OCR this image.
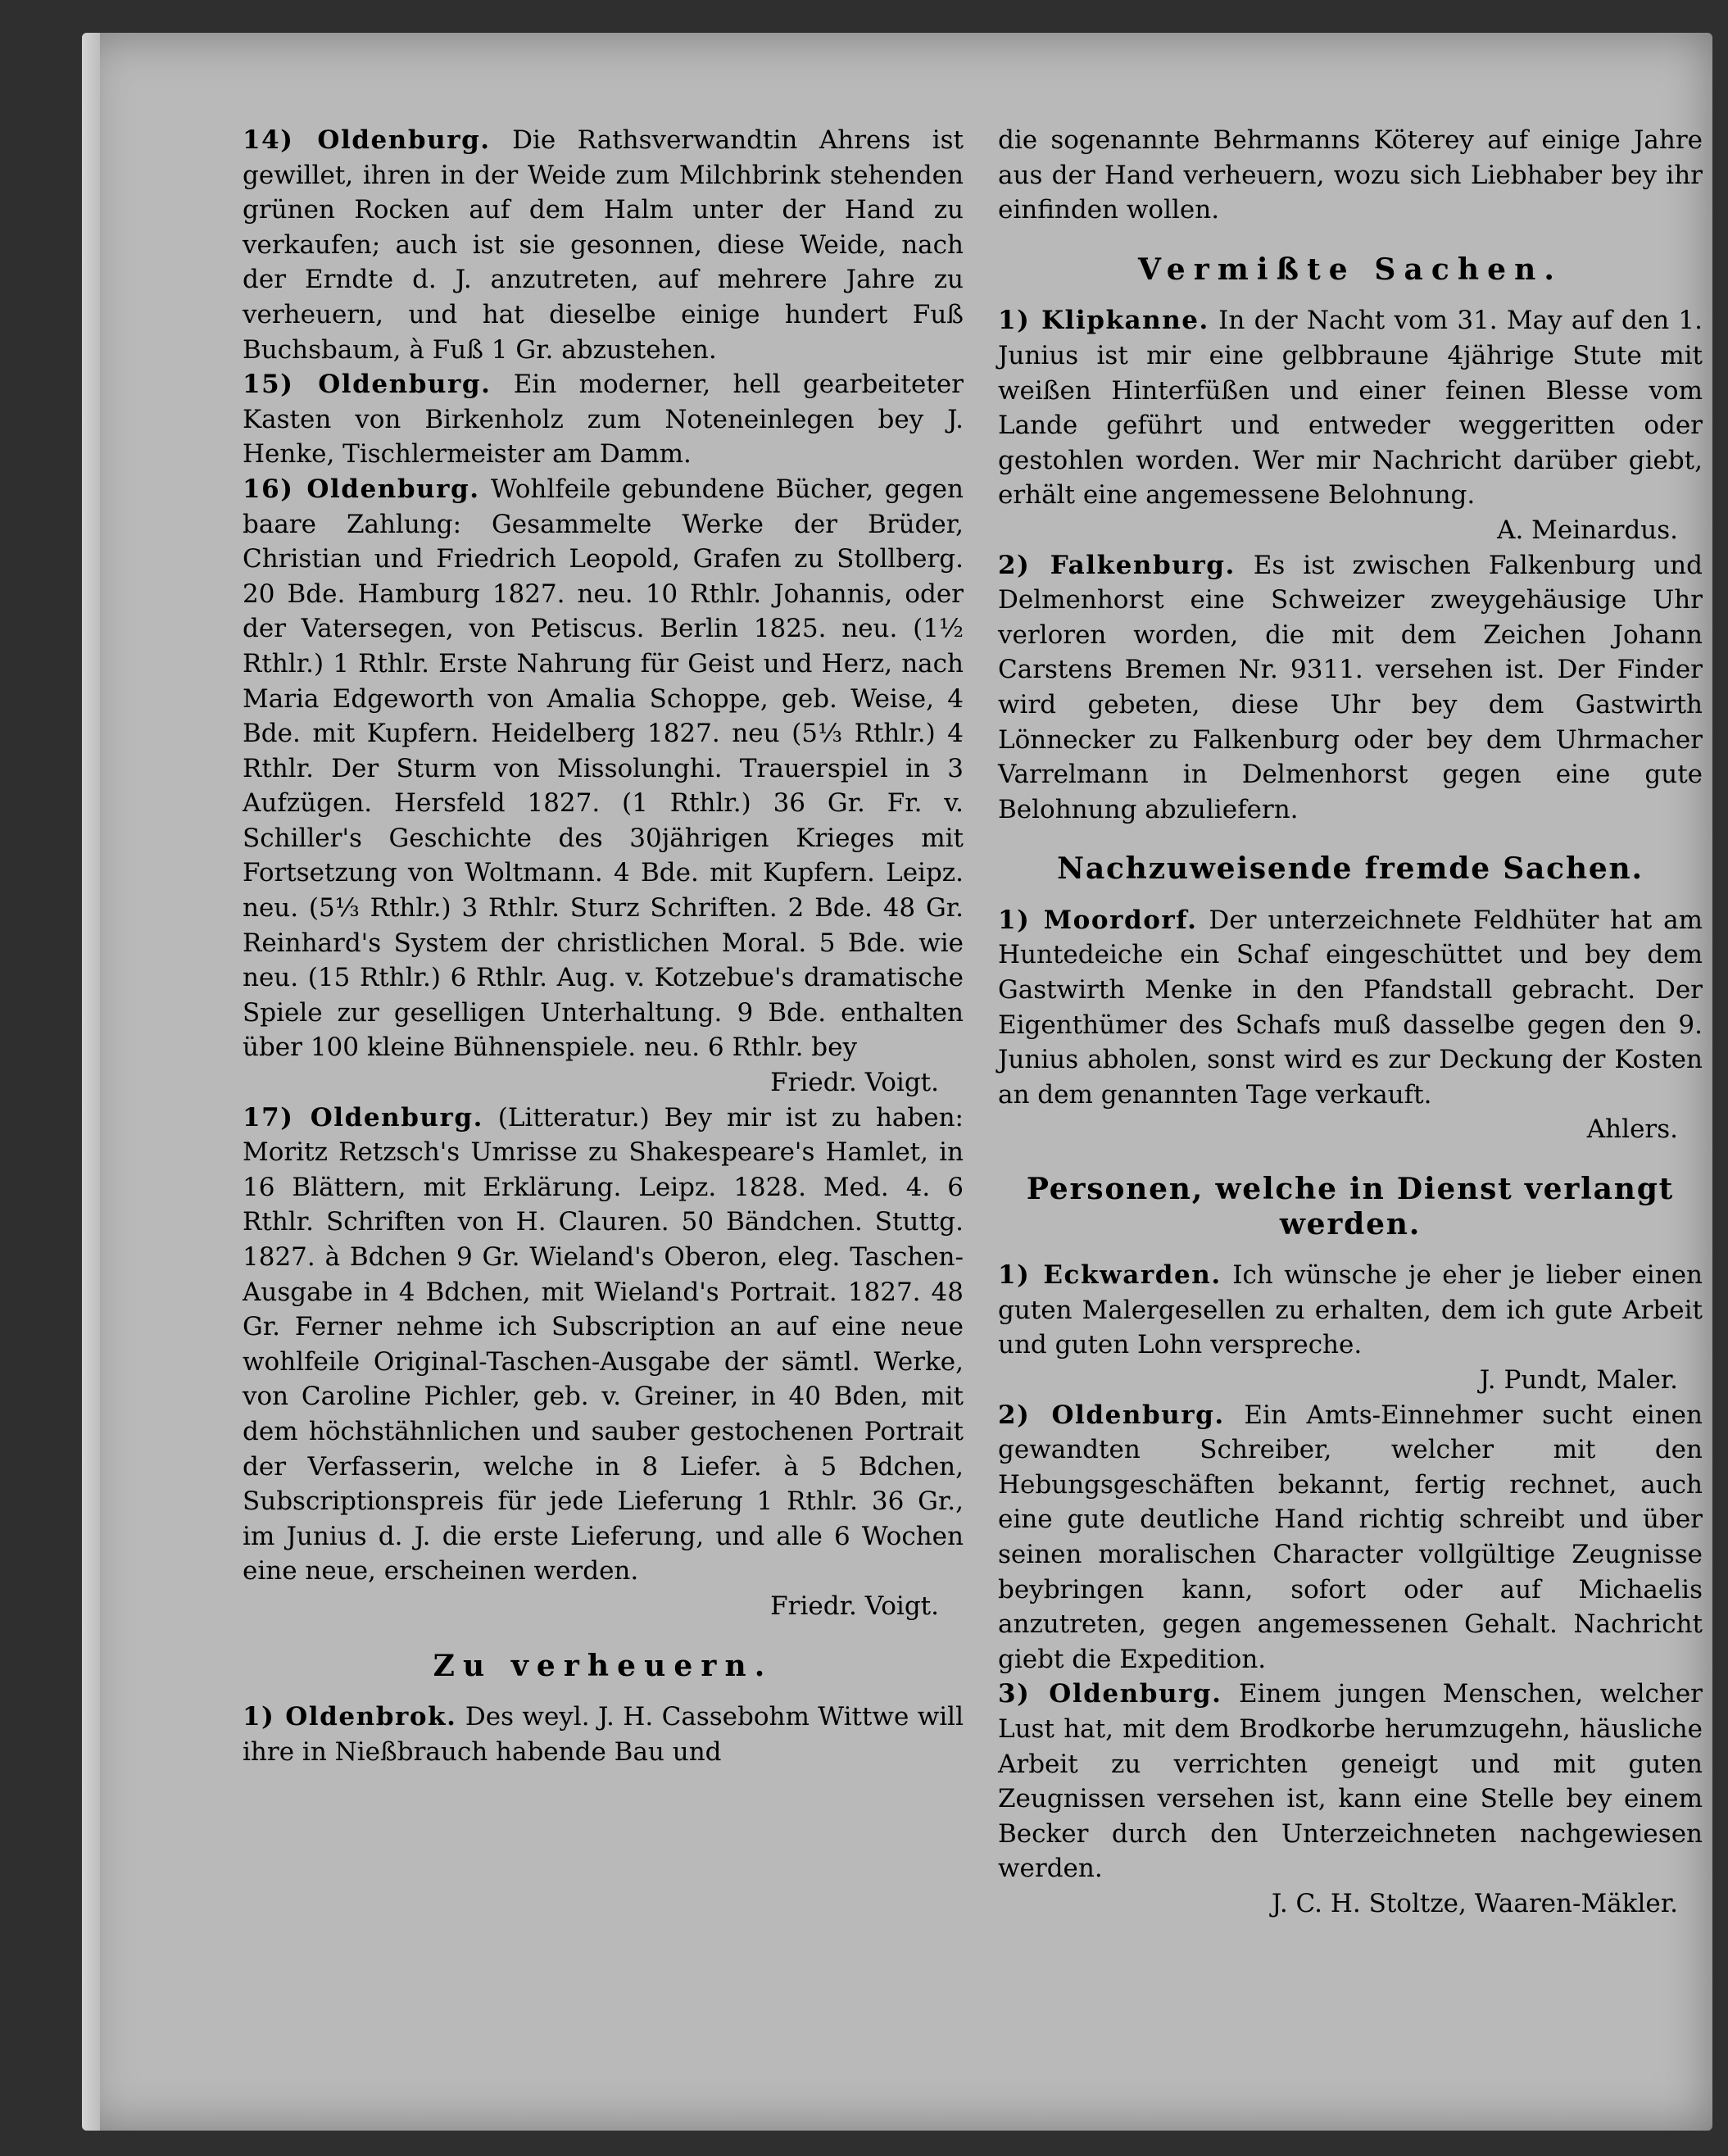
14) Oldenburg. Die Rathsverwandtin Ahrens ist gewillet, ihren in der Weide zum Milchbrink stehenden grünen Rocken auf dem Halm unter der Hand zu verkaufen; auch ist sie gesonnen, diese Weide, nach der Erndte d. J. anzutreten, auf mehrere Jahre zu verheuern, und hat dieselbe einige hundert Fuß Buchsbaum, à Fuß 1 Gr. abzustehen.

15) Oldenburg. Ein moderner, hell gearbeiteter Kasten von Birkenholz zum Noteneinlegen bey J. Henke, Tischlermeister am Damm.

16) Oldenburg. Wohlfeile gebundene Bücher, gegen baare Zahlung: Gesammelte Werke der Brüder, Christian und Friedrich Leopold, Grafen zu Stollberg. 20 Bde. Hamburg 1827. neu. 10 Rthlr. Johannis, oder der Vatersegen, von Petiscus. Berlin 1825. neu. (1½ Rthlr.) 1 Rthlr. Erste Nahrung für Geist und Herz, nach Maria Edgeworth von Amalia Schoppe, geb. Weise, 4 Bde. mit Kupfern. Heidelberg 1827. neu (5⅓ Rthlr.) 4 Rthlr. Der Sturm von Missolunghi. Trauerspiel in 3 Aufzügen. Hersfeld 1827. (1 Rthlr.) 36 Gr. Fr. v. Schiller's Geschichte des 30jährigen Krieges mit Fortsetzung von Woltmann. 4 Bde. mit Kupfern. Leipz. neu. (5⅓ Rthlr.) 3 Rthlr. Sturz Schriften. 2 Bde. 48 Gr. Reinhard's System der christlichen Moral. 5 Bde. wie neu. (15 Rthlr.) 6 Rthlr. Aug. v. Kotzebue's dramatische Spiele zur geselligen Unterhaltung. 9 Bde. enthalten über 100 kleine Bühnenspiele. neu. 6 Rthlr. bey
Friedr. Voigt.

17) Oldenburg. (Litteratur.) Bey mir ist zu haben: Moritz Retzsch's Umrisse zu Shakespeare's Hamlet, in 16 Blättern, mit Erklärung. Leipz. 1828. Med. 4. 6 Rthlr. Schriften von H. Clauren. 50 Bändchen. Stuttg. 1827. à Bdchen 9 Gr. Wieland's Oberon, eleg. Taschen-Ausgabe in 4 Bdchen, mit Wieland's Portrait. 1827. 48 Gr. Ferner nehme ich Subscription an auf eine neue wohlfeile Original-Taschen-Ausgabe der sämtl. Werke, von Caroline Pichler, geb. v. Greiner, in 40 Bden, mit dem höchstähnlichen und sauber gestochenen Portrait der Verfasserin, welche in 8 Liefer. à 5 Bdchen, Subscriptionspreis für jede Lieferung 1 Rthlr. 36 Gr., im Junius d. J. die erste Lieferung, und alle 6 Wochen eine neue, erscheinen werden.
Friedr. Voigt.

Zu verheuern.

1) Oldenbrok. Des weyl. J. H. Cassebohm Wittwe will ihre in Nießbrauch habende Bau und

die sogenannte Behrmanns Köterey auf einige Jahre aus der Hand verheuern, wozu sich Liebhaber bey ihr einfinden wollen.

Vermißte Sachen.

1) Klipkanne. In der Nacht vom 31. May auf den 1. Junius ist mir eine gelbbraune 4jährige Stute mit weißen Hinterfüßen und einer feinen Blesse vom Lande geführt und entweder weggeritten oder gestohlen worden. Wer mir Nachricht darüber giebt, erhält eine angemessene Belohnung.
A. Meinardus.

2) Falkenburg. Es ist zwischen Falkenburg und Delmenhorst eine Schweizer zweygehäusige Uhr verloren worden, die mit dem Zeichen Johann Carstens Bremen Nr. 9311. versehen ist. Der Finder wird gebeten, diese Uhr bey dem Gastwirth Lönnecker zu Falkenburg oder bey dem Uhrmacher Varrelmann in Delmenhorst gegen eine gute Belohnung abzuliefern.

Nachzuweisende fremde Sachen.

1) Moordorf. Der unterzeichnete Feldhüter hat am Huntedeiche ein Schaf eingeschüttet und bey dem Gastwirth Menke in den Pfandstall gebracht. Der Eigenthümer des Schafs muß dasselbe gegen den 9. Junius abholen, sonst wird es zur Deckung der Kosten an dem genannten Tage verkauft.
Ahlers.

Personen, welche in Dienst verlangt werden.

1) Eckwarden. Ich wünsche je eher je lieber einen guten Malergesellen zu erhalten, dem ich gute Arbeit und guten Lohn verspreche.
J. Pundt, Maler.

2) Oldenburg. Ein Amts-Einnehmer sucht einen gewandten Schreiber, welcher mit den Hebungsgeschäften bekannt, fertig rechnet, auch eine gute deutliche Hand richtig schreibt und über seinen moralischen Character vollgültige Zeugnisse beybringen kann, sofort oder auf Michaelis anzutreten, gegen angemessenen Gehalt. Nachricht giebt die Expedition.

3) Oldenburg. Einem jungen Menschen, welcher Lust hat, mit dem Brodkorbe herumzugehn, häusliche Arbeit zu verrichten geneigt und mit guten Zeugnissen versehen ist, kann eine Stelle bey einem Becker durch den Unterzeichneten nachgewiesen werden.
J. C. H. Stoltze, Waaren-Mäkler.
